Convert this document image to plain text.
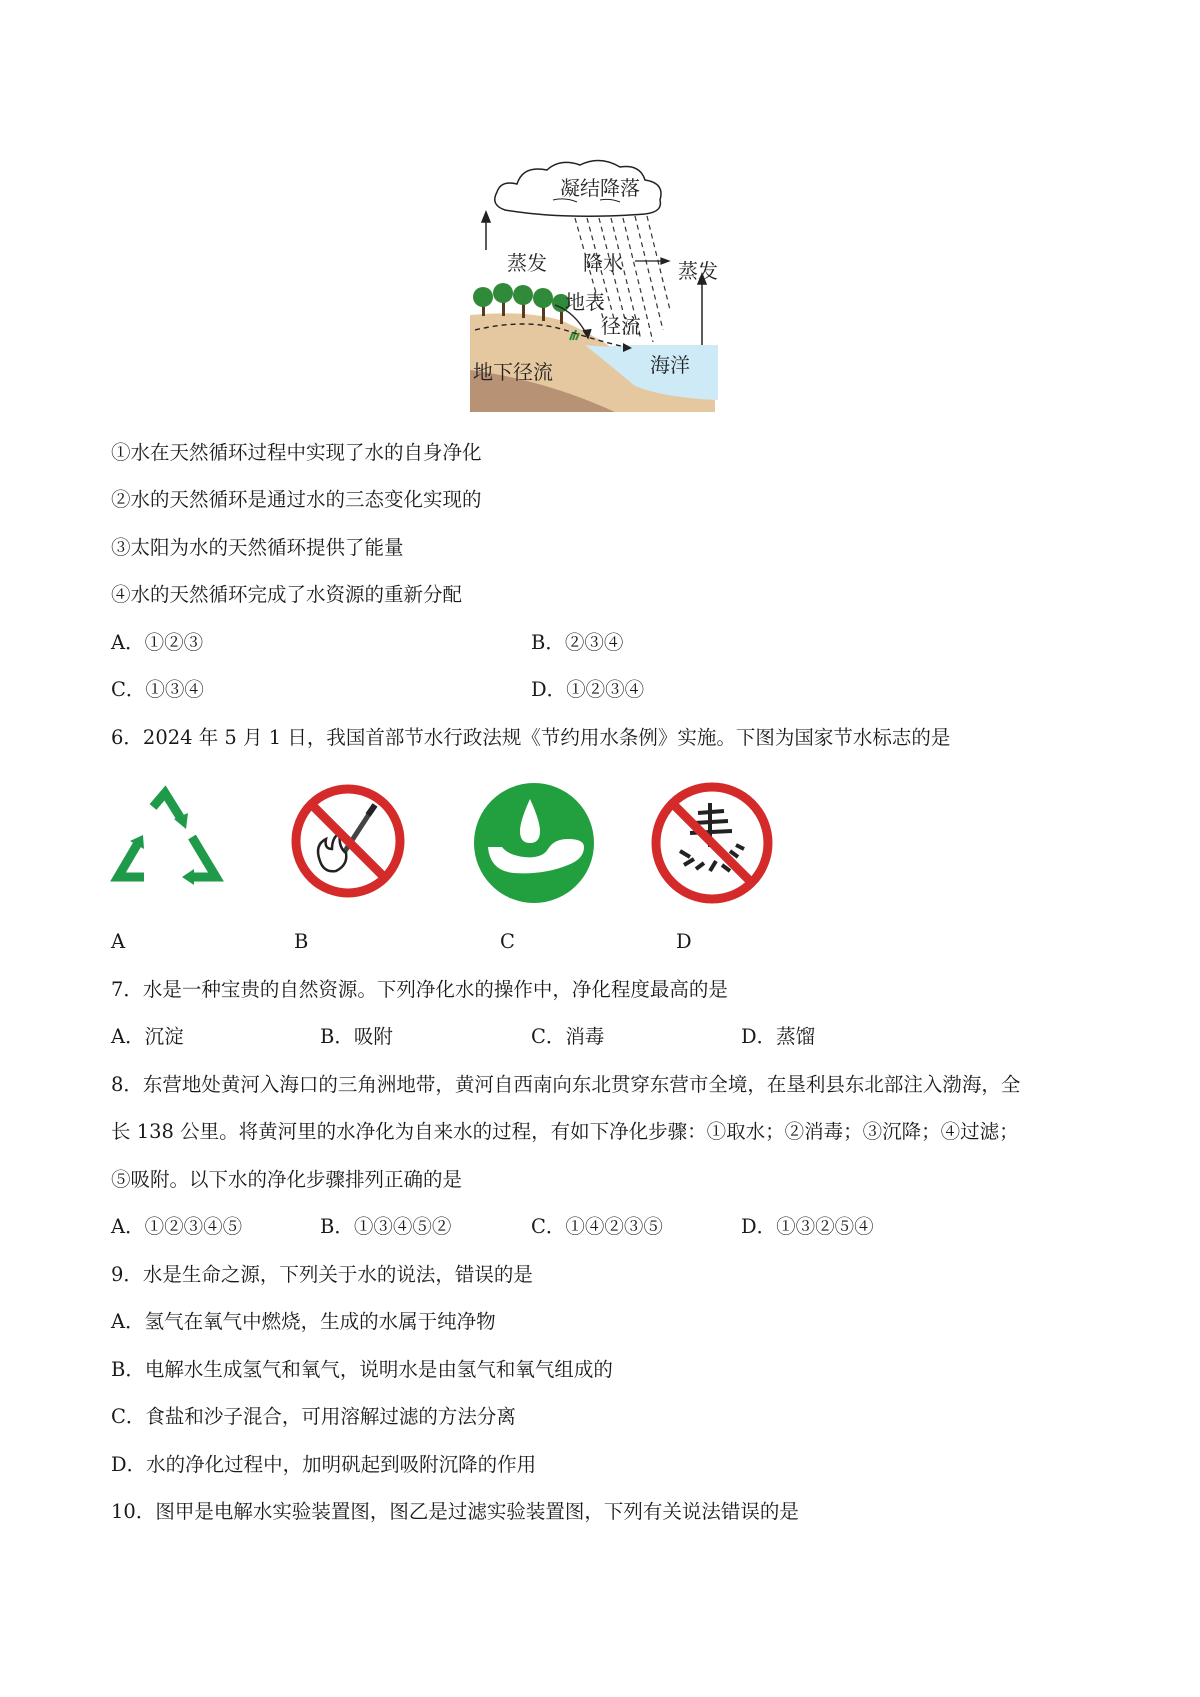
凝结降落
蒸发 降水	蒸发
地表
径流
海洋
地下径流
①水在天然循环过程中实现了水的自身净化
②水的天然循环是通过水的三态变化实现的
③太阳为水的天然循环提供了能量
④水的天然循环完成了水资源的重新分配
A．①②③	B．②③④
C．①③④	D．①②③④
6．2024 年 5 月 1 日，我国首部节水行政法规《节约用水条例》实施。下图为国家节水标志的是
A	B	C	D
7．水是一种宝贵的自然资源。下列净化水的操作中，净化程度最高的是
A．沉淀	B．吸附	C．消毒	D．蒸馏
8．东营地处黄河入海口的三角洲地带，黄河自西南向东北贯穿东营市全境，在垦利县东北部注入渤海，全
长 138 公里。将黄河里的水净化为自来水的过程，有如下净化步骤：①取水；②消毒；③沉降；④过滤；
⑤吸附。以下水的净化步骤排列正确的是
A．①②③④⑤	B．①③④⑤②	C．①④②③⑤	D．①③②⑤④
9．水是生命之源，下列关于水的说法，错误的是
A．氢气在氧气中燃烧，生成的水属于纯净物
B．电解水生成氢气和氧气，说明水是由氢气和氧气组成的
C．食盐和沙子混合，可用溶解过滤的方法分离
D．水的净化过程中，加明矾起到吸附沉降的作用
10．图甲是电解水实验装置图，图乙是过滤实验装置图，下列有关说法错误的是
